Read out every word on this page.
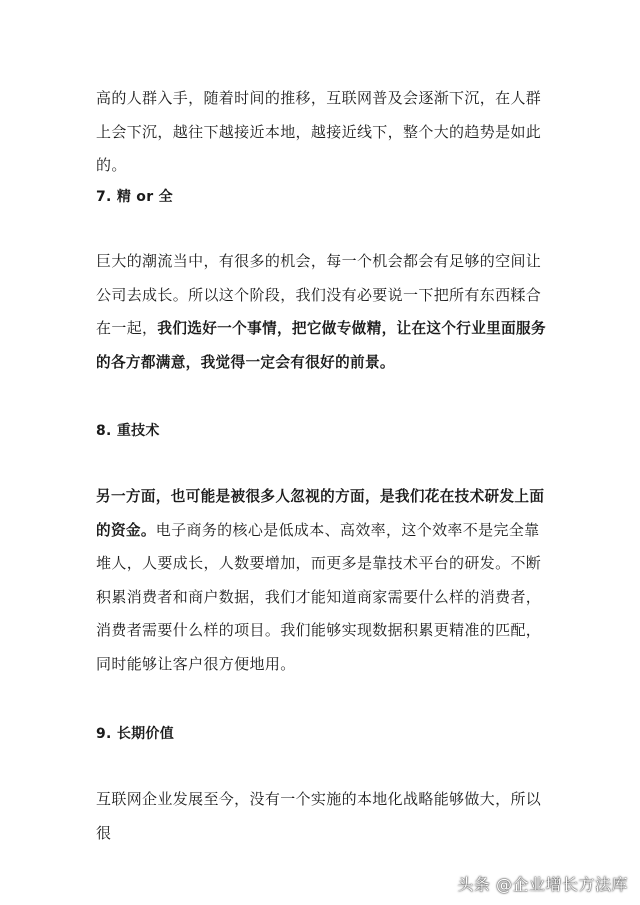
高的人群入手，随着时间的推移，互联网普及会逐渐下沉，在人群上会下沉，越往下越接近本地，越接近线下，整个大的趋势是如此的。

7. 精 or 全

巨大的潮流当中，有很多的机会，每一个机会都会有足够的空间让公司去成长。所以这个阶段，我们没有必要说一下把所有东西糅合在一起，我们选好一个事情，把它做专做精，让在这个行业里面服务的各方都满意，我觉得一定会有很好的前景。

8. 重技术

另一方面，也可能是被很多人忽视的方面，是我们花在技术研发上面的资金。电子商务的核心是低成本、高效率，这个效率不是完全靠堆人，人要成长，人数要增加，而更多是靠技术平台的研发。不断积累消费者和商户数据，我们才能知道商家需要什么样的消费者，消费者需要什么样的项目。我们能够实现数据积累更精准的匹配，同时能够让客户很方便地用。

9. 长期价值

互联网企业发展至今，没有一个实施的本地化战略能够做大，所以很

头条 @企业增长方法库
